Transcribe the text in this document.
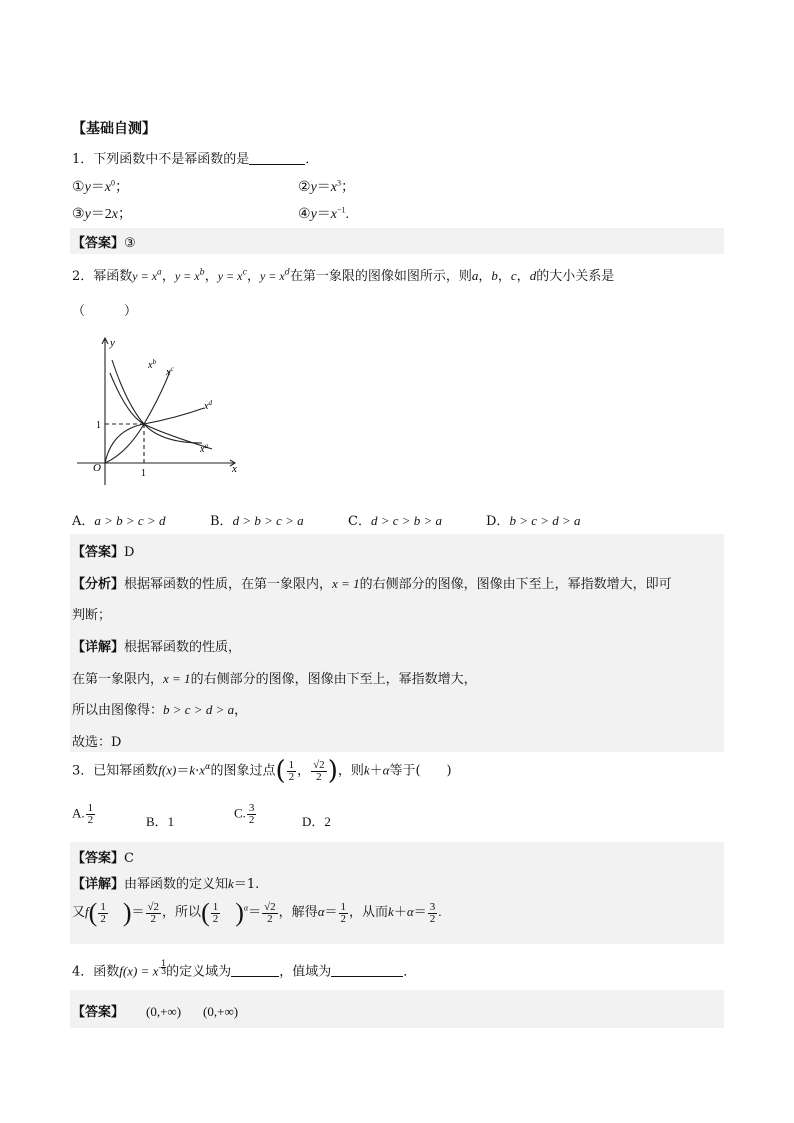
【基础自测】
1．下列函数中不是幂函数的是	．
$①y=x^0$；	$②y=x^3$；
③y＝2x；	$④y=x^{-1}$.
【答案】③
2．幂函数$y = x^a$，$y = x^b$，$y = x^c$，$y = x^d$在第一象限的图像如图所示，则a，b，c，d的大小关系是
（　　　）
y
x
O	1
1
$x^b$
$x^c$
$x^d$
$x^a$
A．a > b > c > d	B．d > b > c > a	C．d > c > b > a	D．b > c > d > a
【答案】D
【分析】根据幂函数的性质，在第一象限内，x = 1的右侧部分的图像，图像由下至上，幂指数增大，即可
判断；
【详解】根据幂函数的性质，
在第一象限内，x = 1的右侧部分的图像，图像由下至上，幂指数增大，
所以由图像得：b > c > d > a，
故选：D
3．已知幂函数$f(x)=k\cdot x^\alpha$的图象过点( $\frac{1}{2}$ ， $\frac{√2}{2}$ )，则k＋α等于(　　)
A. $\frac{1}{2}$	B．1
C. $\frac{3}{2}$	D．2
【答案】C
【详解】由幂函数的定义知k＝1.
又$f( \frac{1}{2}$ )＝ $\frac{√2}{2}$ ，所以( $\frac{1}{2} )^\alpha= \frac{√2}{2}$ ，解得$\alpha= \frac{1}{2}$ ，从而$k+\alpha= \frac{3}{2}$ .
4．函数f(x) = x $^{- 1 3}$ 的定义域为	，值域为	．
【答案】 (0,+∞) (0,+∞)
